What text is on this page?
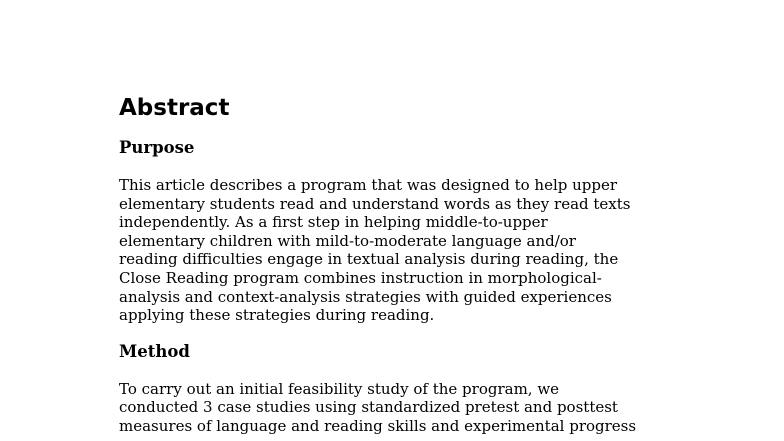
Abstract
Purpose

This article describes a program that was designed to help upper
elementary students read and understand words as they read texts
independently. As a first step in helping middle-to-upper
elementary children with mild-to-moderate language and/or
reading difficulties engage in textual analysis during reading, the
Close Reading program combines instruction in morphological-
analysis and context-analysis strategies with guided experiences
applying these strategies during reading.

Method

To carry out an initial feasibility study of the program, we
conducted 3 case studies using standardized pretest and posttest
measures of language and reading skills and experimental progress
